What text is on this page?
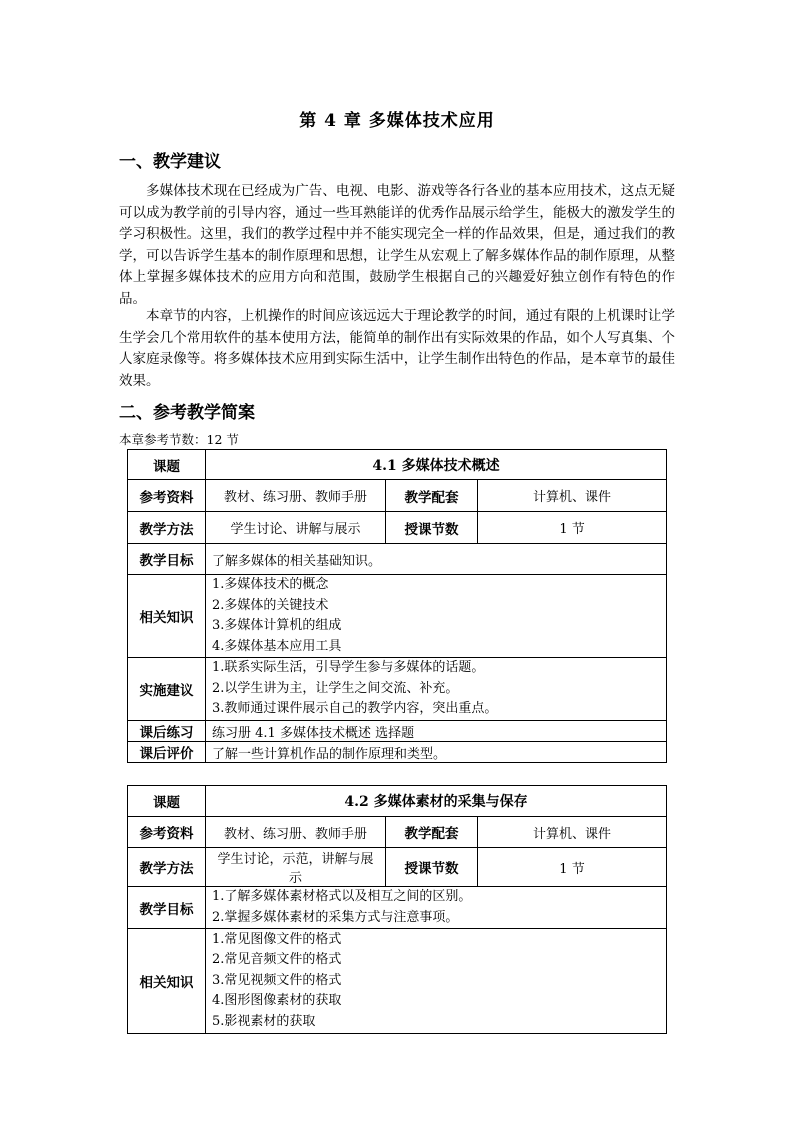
第 4 章 多媒体技术应用
一、教学建议
多媒体技术现在已经成为广告、电视、电影、游戏等各行各业的基本应用技术，这点无疑可以成为教学前的引导内容，通过一些耳熟能详的优秀作品展示给学生，能极大的激发学生的学习积极性。这里，我们的教学过程中并不能实现完全一样的作品效果，但是，通过我们的教学，可以告诉学生基本的制作原理和思想，让学生从宏观上了解多媒体作品的制作原理，从整体上掌握多媒体技术的应用方向和范围，鼓励学生根据自己的兴趣爱好独立创作有特色的作品。
本章节的内容，上机操作的时间应该远远大于理论教学的时间，通过有限的上机课时让学生学会几个常用软件的基本使用方法，能简单的制作出有实际效果的作品，如个人写真集、个人家庭录像等。将多媒体技术应用到实际生活中，让学生制作出特色的作品，是本章节的最佳效果。
二、参考教学简案
本章参考节数：12 节
课题	4.1 多媒体技术概述		
参考资料	教材、练习册、教师手册	教学配套	计算机、课件
教学方法	学生讨论、讲解与展示	授课节数	1 节
教学目标	了解多媒体的相关基础知识。		
相关知识	1.多媒体技术的概念
2.多媒体的关键技术
3.多媒体计算机的组成
4.多媒体基本应用工具		

实施建议	1.联系实际生活，引导学生参与多媒体的话题。
2.以学生讲为主，让学生之间交流、补充。
3.教师通过课件展示自己的教学内容，突出重点。		

课后练习	练习册 4.1 多媒体技术概述 选择题		
课后评价	了解一些计算机作品的制作原理和类型。		
课题	4.2 多媒体素材的采集与保存		
参考资料	教材、练习册、教师手册	教学配套	计算机、课件
教学方法	学生讨论，示范，讲解与展示	授课节数	1 节
教学目标	1.了解多媒体素材格式以及相互之间的区别。
2.掌握多媒体素材的采集方式与注意事项。		

相关知识	1.常见图像文件的格式
2.常见音频文件的格式
3.常见视频文件的格式
4.图形图像素材的获取
5.影视素材的获取		
